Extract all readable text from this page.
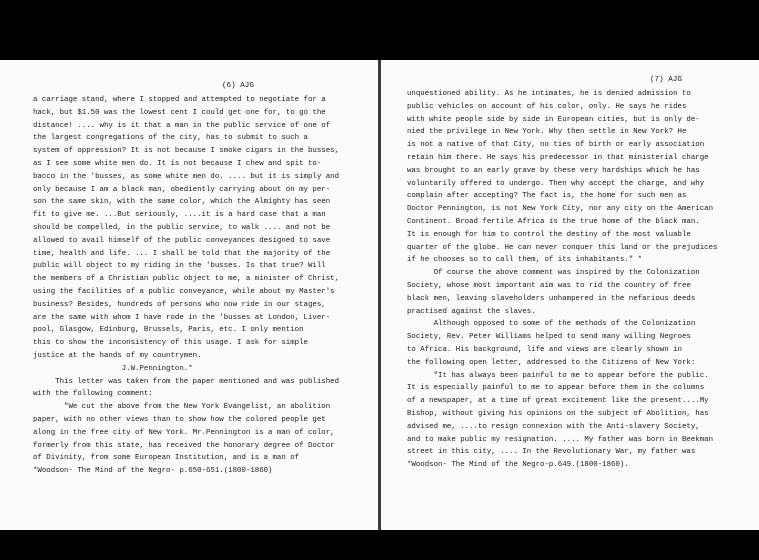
(6) AJG
(7) AJG
a carriage stand, where I stopped and attempted to negotiate for a
hack, but $1.50 was the lowest cent I could get one for, to go the
distance! .... why is it that a man in the public service of one of
the largest congregations of the city, has to submit to such a
system of oppression? It is not because I smoke cigars in the busses,
as I see some white men do. It is not because I chew and spit to-
bacco in the 'busses, as some white men do. .... but it is simply and
only because I am a black man, obediently carrying about on my per-
son the same skin, with the same color, which the Almighty has seen
fit to give me. ...But seriously, ....it is a hard case that a man
should be compelled, in the public service, to walk .... and not be
allowed to avail himself of the public conveyances designed to save
time, health and life. ... I shall be told that the majority of the
public will object to my riding in the 'busses. Is that true? Will
the members of a Christian public object to me, a minister of Christ,
using the facilities of a public conveyance, while about my Master's
business? Besides, hundreds of persons who now ride in our stages,
are the same with whom I have rode in the 'busses at London, Liver-
pool, Glasgow, Edinburg, Brussels, Paris, etc. I only mention
this to show the inconsistency of this usage. I ask for simple
justice at the hands of my countrymen.
J.W.Pennington.*
This letter was taken from the paper mentioned and was published
with the following comment:
"We cut the above from the New York Evangelist, an abolition
paper, with no other views than to show how the colored people get
along in the free city of New York. Mr.Pennington is a man of color,
formerly from this state, has received the honorary degree of Doctor
of Divinity, from some European Institution, and is a man of
*Woodson- The Mind of the Negro- p.650-651.(1800-1860)
unquestioned ability. As he intimates, he is denied admission to
public vehicles on account of his color, only. He says he rides
with white people side by side in European cities, but is only de-
nied the privilege in New York. Why then settle in New York? He
is not a native of that City, no ties of birth or early association
retain him there. He says his predecessor in that ministerial charge
was brought to an early grave by these very hardships which he has
voluntarily offered to undergo. Then why accept the charge, and why
complain after accepting? The fact is, the home for such men as
Doctor Pennington, is not New York City, nor any city on the American
Continent. Broad fertile Africa is the true home of the black man.
It is enough for him to control the destiny of the most valuable
quarter of the globe. He can never conquer this land or the prejudices
if he chooses so to call them, of its inhabitants." *
Of course the above comment was inspired by the Colonization
Society, whose most important aim was to rid the country of free
black men, leaving slaveholders unhampered in the nefarious deeds
practised against the slaves.
Although opposed to some of the methods of the Colonization
Society, Rev. Peter Williams helped to send many willing Negroes
to Africa. His background, life and views are clearly shown in
the following open letter, addressed to the Citizens of New York:
"It has always been painful to me to appear before the public.
It is especially painful to me to appear before them in the columns
of a newspaper, at a time of great excitement like the present....My
Bishop, without giving his opinions on the subject of Abolition, has
advised me, ....to resign connexion with the Anti-slavery Society,
and to make public my resignation. .... My father was born in Beekman
street in this city, .... In the Revolutionary War, my father was
*Woodson- The Mind of the Negro-p.649.(1800-1860).
